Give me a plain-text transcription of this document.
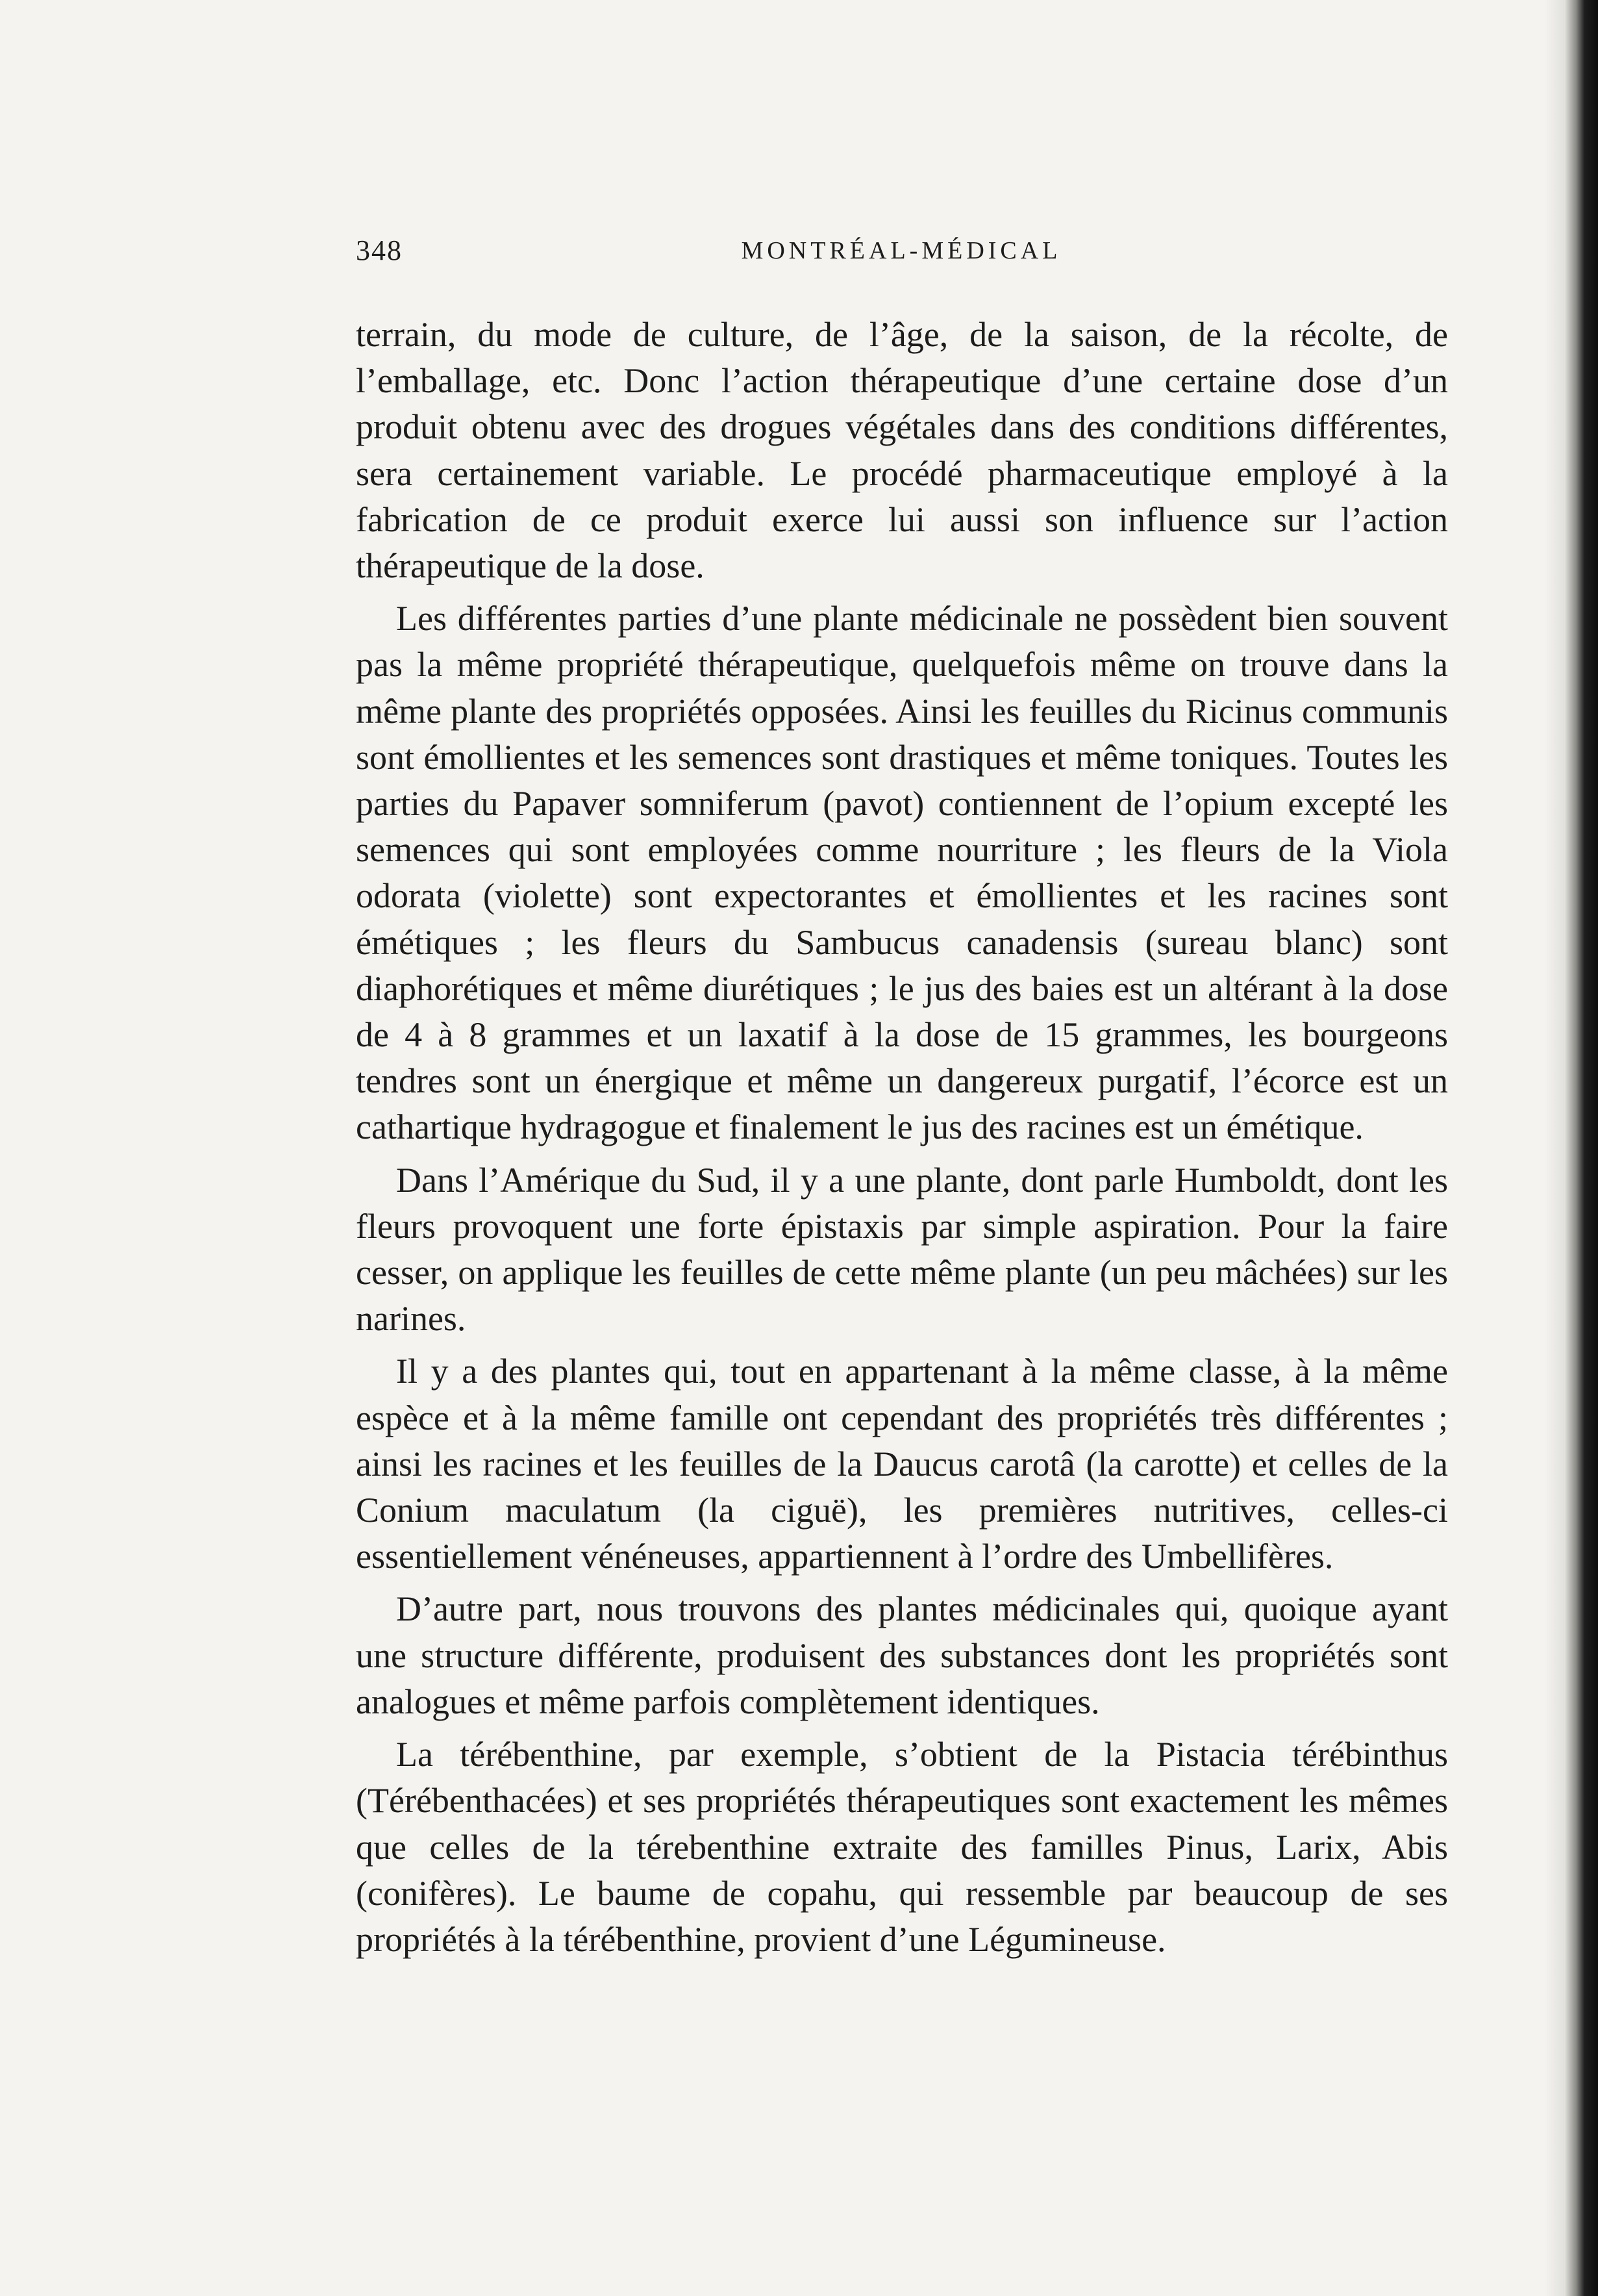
348	MONTRÉAL-MÉDICAL

terrain, du mode de culture, de l’âge, de la saison, de la récolte, de l’emballage, etc. Donc l’action thérapeutique d’une certaine dose d’un produit obtenu avec des drogues végétales dans des conditions différentes, sera certainement variable. Le procédé pharmaceutique employé à la fabrication de ce produit exerce lui aussi son influence sur l’action thérapeutique de la dose.

Les différentes parties d’une plante médicinale ne possèdent bien souvent pas la même propriété thérapeutique, quelquefois même on trouve dans la même plante des propriétés opposées. Ainsi les feuilles du Ricinus communis sont émollientes et les semences sont drastiques et même toniques. Toutes les parties du Papaver somniferum (pavot) contiennent de l’opium excepté les semences qui sont employées comme nourriture ; les fleurs de la Viola odorata (violette) sont expectorantes et émollientes et les racines sont émétiques ; les fleurs du Sambucus canadensis (sureau blanc) sont diaphorétiques et même diurétiques ; le jus des baies est un altérant à la dose de 4 à 8 grammes et un laxatif à la dose de 15 grammes, les bourgeons tendres sont un énergique et même un dangereux purgatif, l’écorce est un cathartique hydragogue et finalement le jus des racines est un émétique.

Dans l’Amérique du Sud, il y a une plante, dont parle Humboldt, dont les fleurs provoquent une forte épistaxis par simple aspiration. Pour la faire cesser, on applique les feuilles de cette même plante (un peu mâchées) sur les narines.

Il y a des plantes qui, tout en appartenant à la même classe, à la même espèce et à la même famille ont cependant des propriétés très différentes ; ainsi les racines et les feuilles de la Daucus carotâ (la carotte) et celles de la Conium maculatum (la ciguë), les premières nutritives, celles-ci essentiellement vénéneuses, appartiennent à l’ordre des Umbellifères.

D’autre part, nous trouvons des plantes médicinales qui, quoique ayant une structure différente, produisent des substances dont les propriétés sont analogues et même parfois complètement identiques.

La térébenthine, par exemple, s’obtient de la Pistacia térébinthus (Térébenthacées) et ses propriétés thérapeutiques sont exactement les mêmes que celles de la térebenthine extraite des familles Pinus, Larix, Abis (conifères). Le baume de copahu, qui ressemble par beaucoup de ses propriétés à la térébenthine, provient d’une Légumineuse.
